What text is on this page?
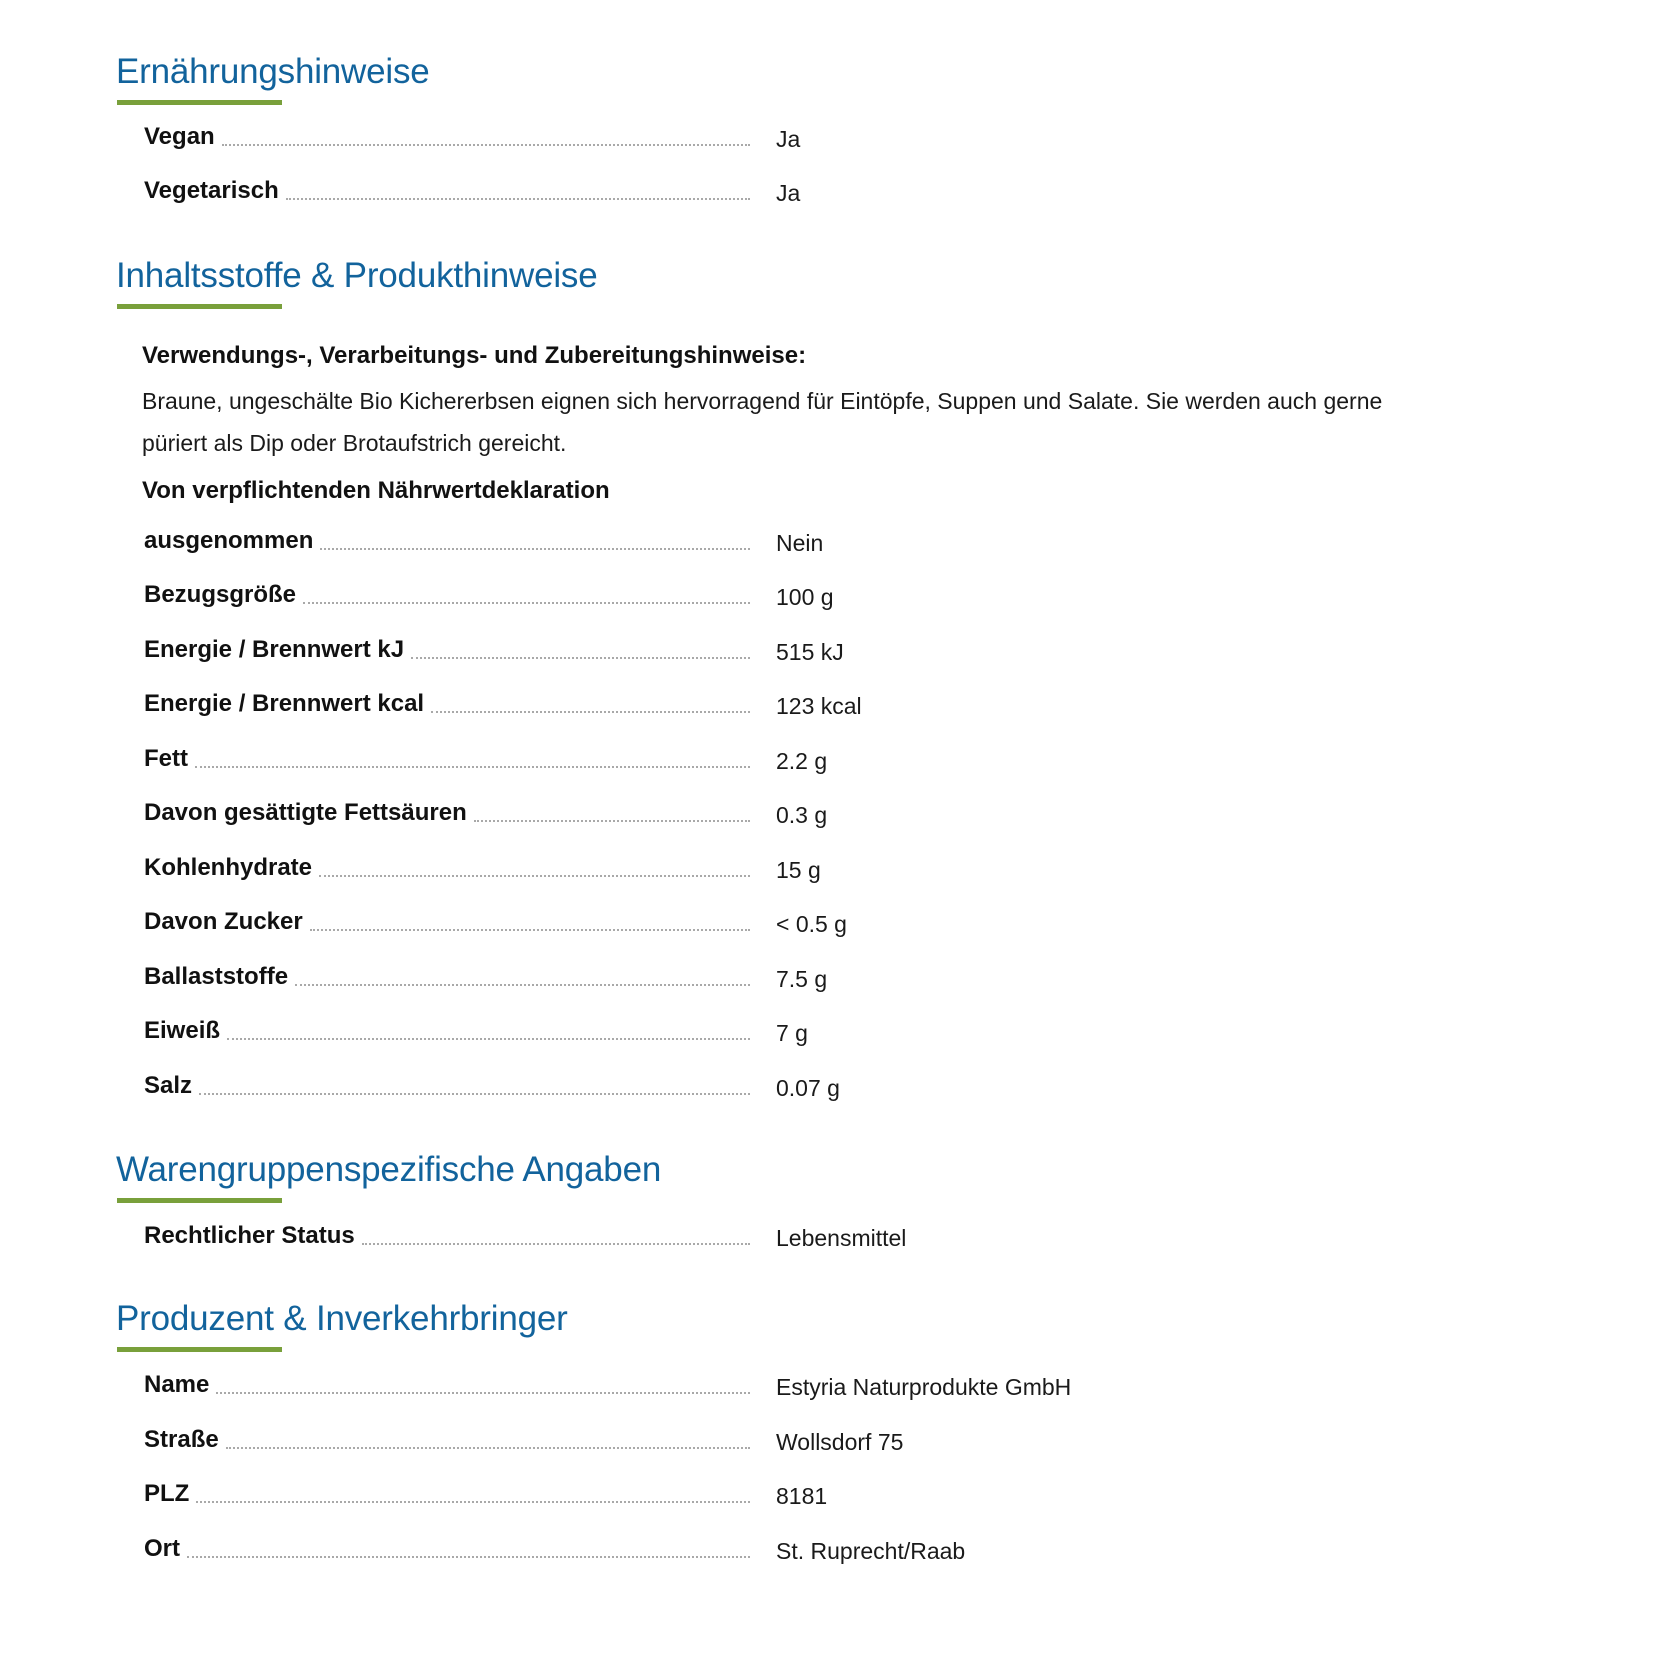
Ernährungshinweise
Vegan	Ja
Vegetarisch	Ja
Inhaltsstoffe & Produkthinweise
Verwendungs-, Verarbeitungs- und Zubereitungshinweise:

Braune, ungeschälte Bio Kichererbsen eignen sich hervorragend für Eintöpfe, Suppen und Salate. Sie werden auch gerne püriert als Dip oder Brotaufstrich gereicht.

Von verpflichtenden Nährwertdeklaration
ausgenommen	Nein
Bezugsgröße	100 g
Energie / Brennwert kJ	515 kJ
Energie / Brennwert kcal	123 kcal
Fett	2.2 g
Davon gesättigte Fettsäuren	0.3 g
Kohlenhydrate	15 g
Davon Zucker	< 0.5 g
Ballaststoffe	7.5 g
Eiweiß	7 g
Salz	0.07 g
Warengruppenspezifische Angaben
Rechtlicher Status	Lebensmittel
Produzent & Inverkehrbringer
Name	Estyria Naturprodukte GmbH
Straße	Wollsdorf 75
PLZ	8181
Ort	St. Ruprecht/Raab
